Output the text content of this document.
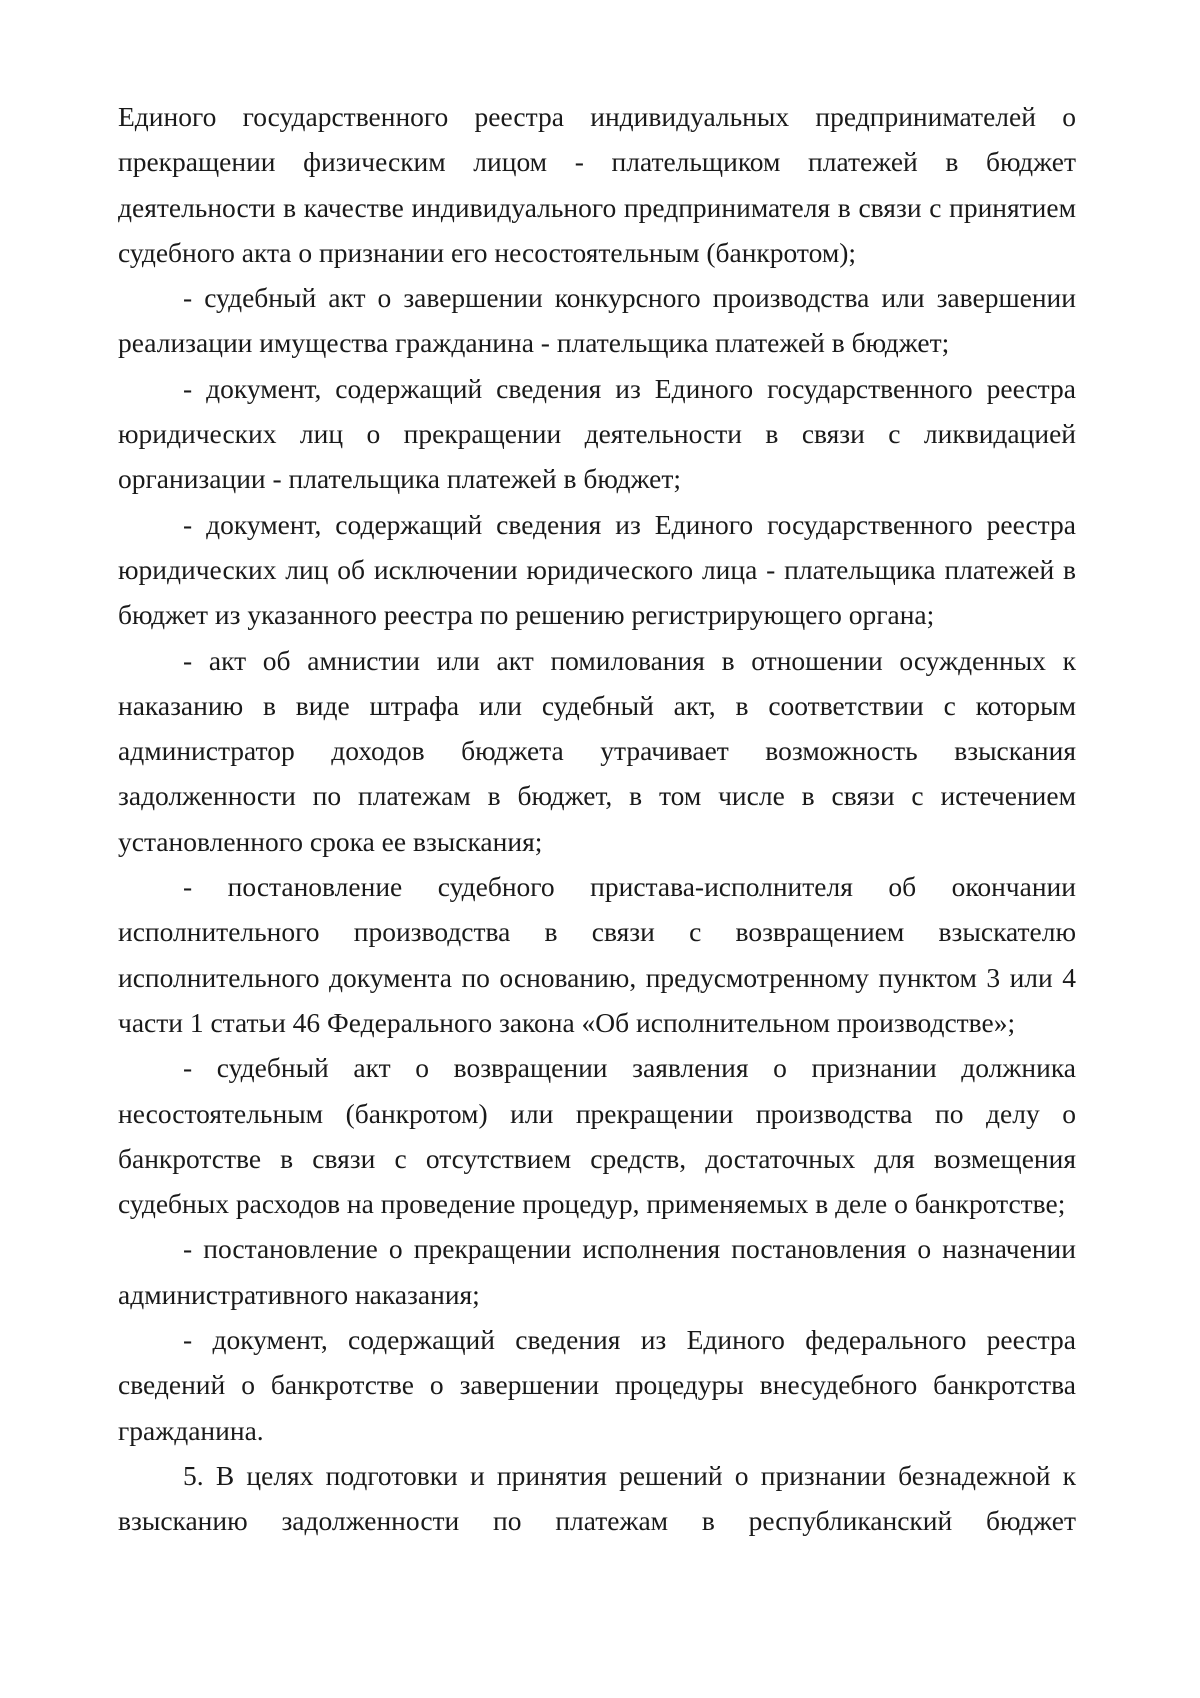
Единого государственного реестра индивидуальных предпринимателей о прекращении физическим лицом - плательщиком платежей в бюджет деятельности в качестве индивидуального предпринимателя в связи с принятием судебного акта о признании его несостоятельным (банкротом);

- судебный акт о завершении конкурсного производства или завершении реализации имущества гражданина - плательщика платежей в бюджет;

- документ, содержащий сведения из Единого государственного реестра юридических лиц о прекращении деятельности в связи с ликвидацией организации - плательщика платежей в бюджет;

- документ, содержащий сведения из Единого государственного реестра юридических лиц об исключении юридического лица - плательщика платежей в бюджет из указанного реестра по решению регистрирующего органа;

- акт об амнистии или акт помилования в отношении осужденных к наказанию в виде штрафа или судебный акт, в соответствии с которым администратор доходов бюджета утрачивает возможность взыскания задолженности по платежам в бюджет, в том числе в связи с истечением установленного срока ее взыскания;

- постановление судебного пристава-исполнителя об окончании исполнительного производства в связи с возвращением взыскателю исполнительного документа по основанию, предусмотренному пунктом 3 или 4 части 1 статьи 46 Федерального закона «Об исполнительном производстве»;

- судебный акт о возвращении заявления о признании должника несостоятельным (банкротом) или прекращении производства по делу о банкротстве в связи с отсутствием средств, достаточных для возмещения судебных расходов на проведение процедур, применяемых в деле о банкротстве;

- постановление о прекращении исполнения постановления о назначении административного наказания;

- документ, содержащий сведения из Единого федерального реестра сведений о банкротстве о завершении процедуры внесудебного банкротства гражданина.

5. В целях подготовки и принятия решений о признании безнадежной к взысканию задолженности по платежам в республиканский бюджет
